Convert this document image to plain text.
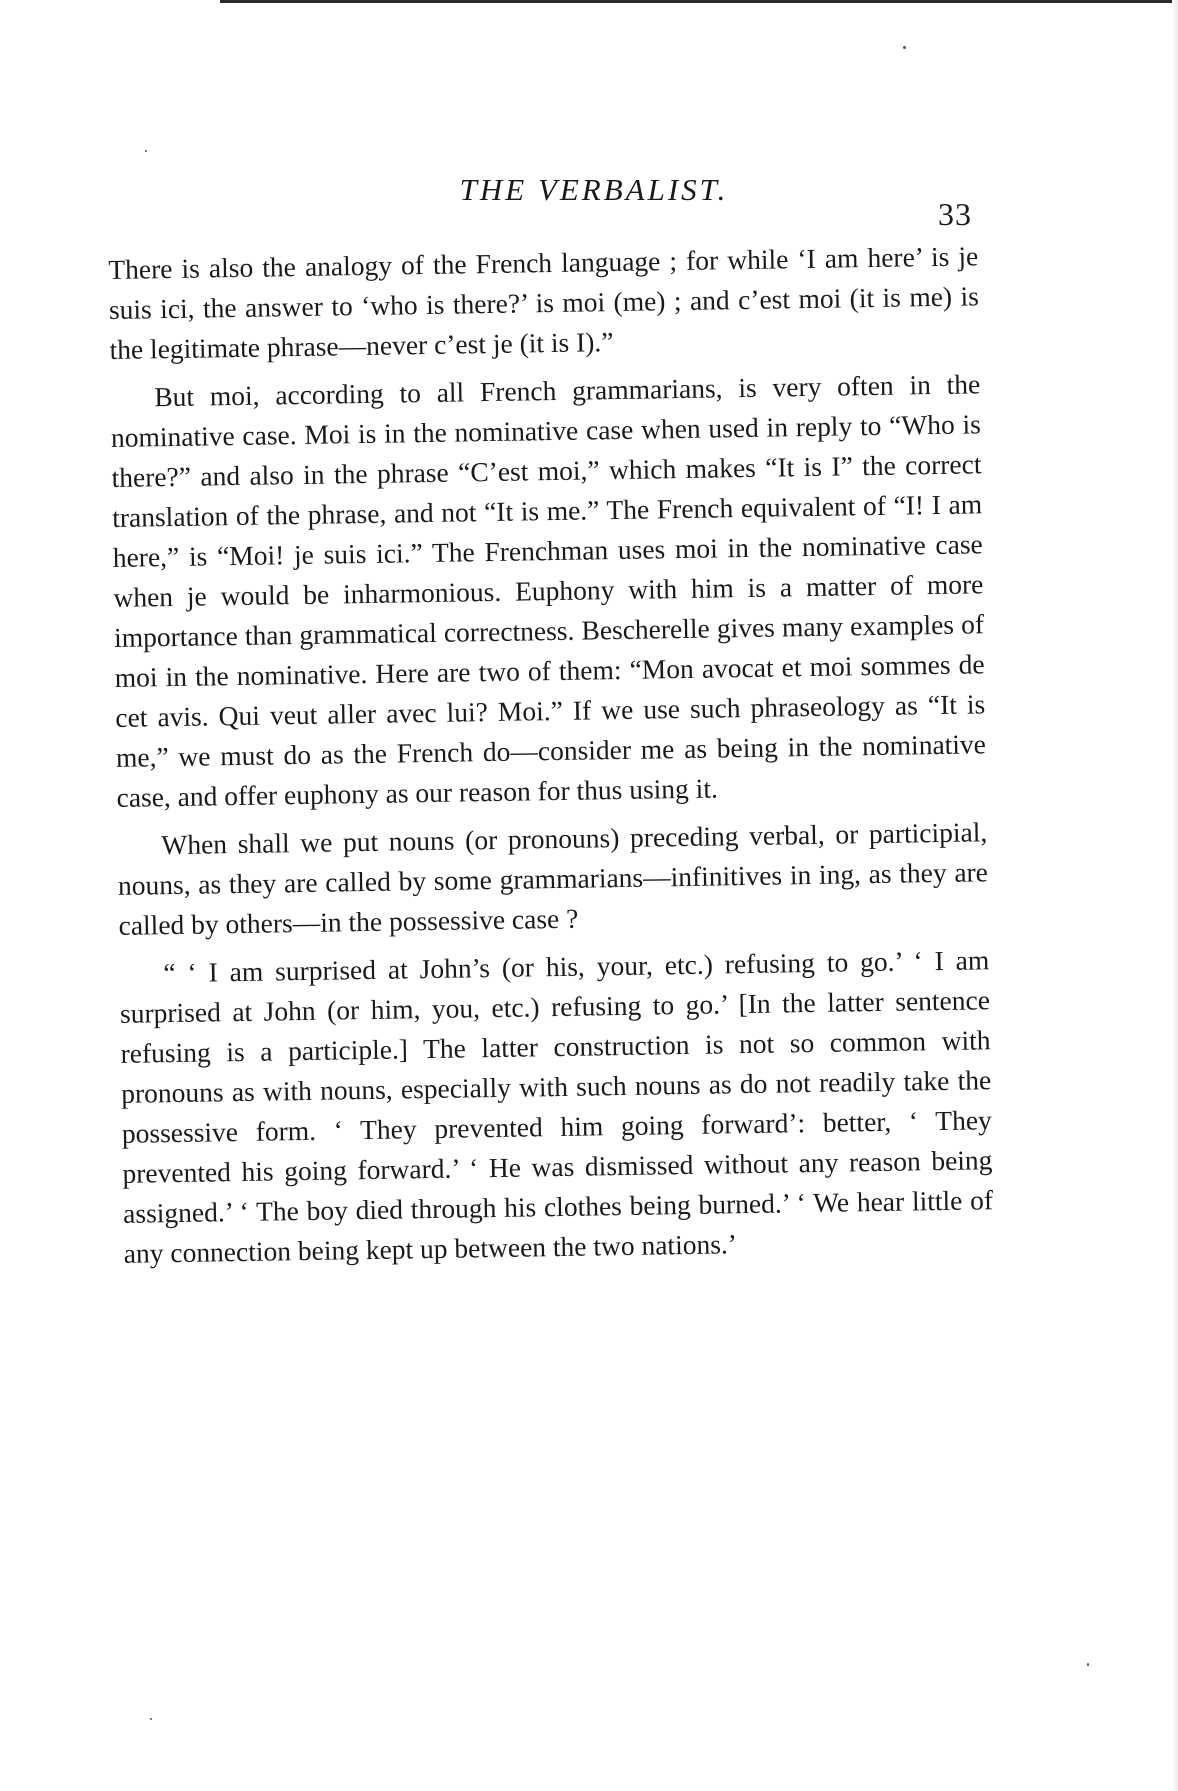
THE VERBALIST.
33

There is also the analogy of the French language ; for while ‘I am here’ is je suis ici, the answer to ‘who is there?’ is moi (me) ; and c’est moi (it is me) is the legitimate phrase—never c’est je (it is I).”

But moi, according to all French grammarians, is very often in the nominative case. Moi is in the nominative case when used in reply to “Who is there?” and also in the phrase “C’est moi,” which makes “It is I” the correct translation of the phrase, and not “It is me.” The French equivalent of “I! I am here,” is “Moi! je suis ici.” The Frenchman uses moi in the nominative case when je would be inharmonious. Euphony with him is a matter of more importance than grammatical correctness. Bescherelle gives many examples of moi in the nominative. Here are two of them: “Mon avocat et moi sommes de cet avis. Qui veut aller avec lui? Moi.” If we use such phraseology as “It is me,” we must do as the French do—consider me as being in the nominative case, and offer euphony as our reason for thus using it.

When shall we put nouns (or pronouns) preceding verbal, or participial, nouns, as they are called by some grammarians—infinitives in ing, as they are called by others—in the possessive case ?

“ ‘ I am surprised at John’s (or his, your, etc.) refusing to go.’ ‘ I am surprised at John (or him, you, etc.) refusing to go.’ [In the latter sentence refusing is a participle.] The latter construction is not so common with pronouns as with nouns, especially with such nouns as do not readily take the possessive form. ‘ They prevented him going forward’: better, ‘ They prevented his going forward.’ ‘ He was dismissed without any reason being assigned.’ ‘ The boy died through his clothes being burned.’ ‘ We hear little of any connection being kept up between the two nations.’
